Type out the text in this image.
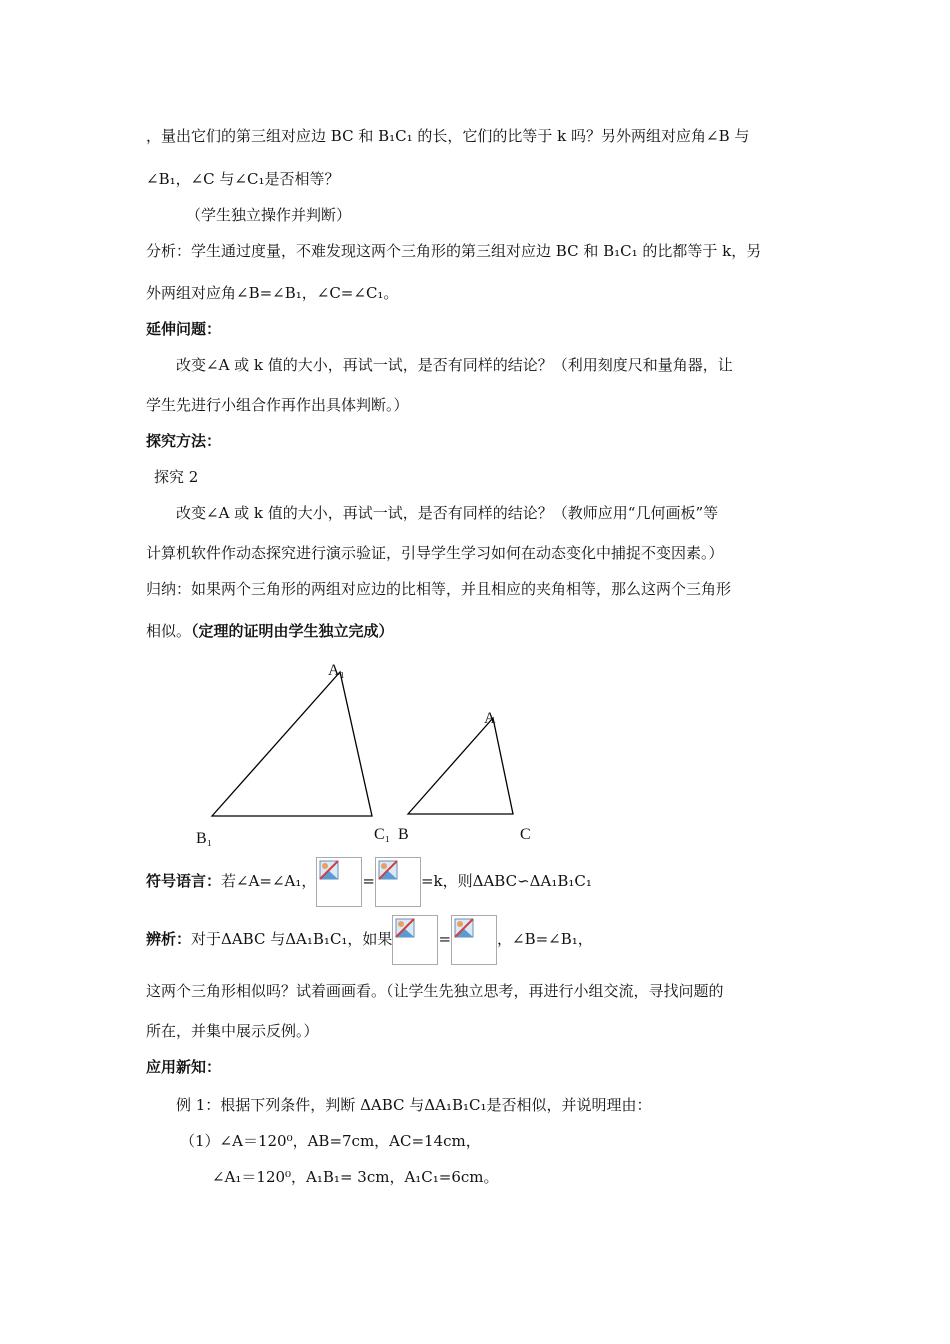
，量出它们的第三组对应边 BC 和 B₁C₁ 的长，它们的比等于 k 吗？另外两组对应角∠B 与
∠B₁，∠C 与∠C₁是否相等？
（学生独立操作并判断）
分析：学生通过度量，不难发现这两个三角形的第三组对应边 BC 和 B₁C₁ 的比都等于 k，另
外两组对应角∠B=∠B₁，∠C=∠C₁。
延伸问题：
改变∠A 或 k 值的大小，再试一试，是否有同样的结论？（利用刻度尺和量角器，让
学生先进行小组合作再作出具体判断。）
探究方法：
探究 2
改变∠A 或 k 值的大小，再试一试，是否有同样的结论？（教师应用“几何画板”等
计算机软件作动态探究进行演示验证，引导学生学习如何在动态变化中捕捉不变因素。）
归纳：如果两个三角形的两组对应边的比相等，并且相应的夹角相等，那么这两个三角形
相似。（定理的证明由学生独立完成）
A₁
B₁	C₁
A
B	C
符号语言：若∠A=∠A₁，	=	=k，则ΔABC∽ΔA₁B₁C₁
辨析：对于ΔABC 与ΔA₁B₁C₁，如果	=	，∠B=∠B₁，
这两个三角形相似吗？试着画画看。（让学生先独立思考，再进行小组交流，寻找问题的
所在，并集中展示反例。）
应用新知：
例 1：根据下列条件，判断 ΔABC 与ΔA₁B₁C₁是否相似，并说明理由：
（1）∠A＝120⁰，AB=7cm，AC=14cm，
∠A₁＝120⁰，A₁B₁= 3cm，A₁C₁=6cm。
